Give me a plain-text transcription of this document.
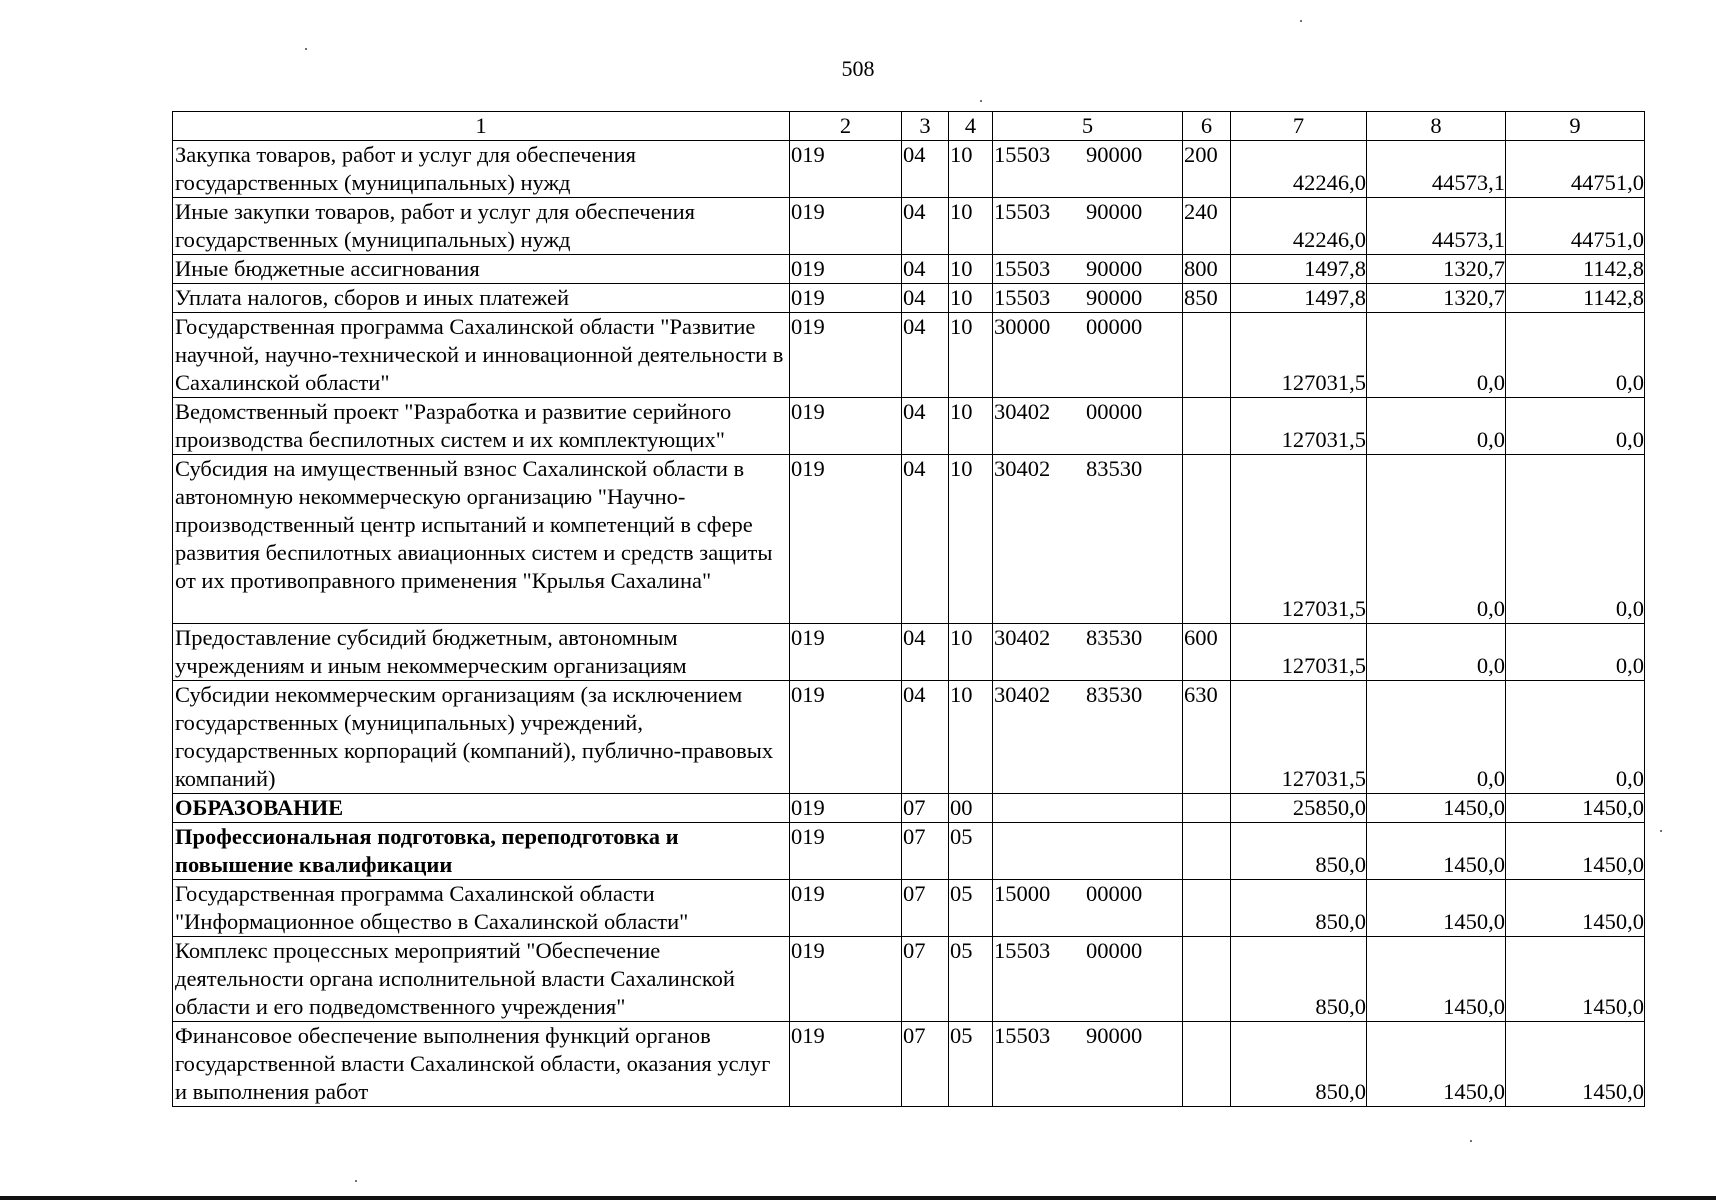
508
1	2	3	4	5	6	7	8	9
Закупка товаров, работ и услуг для обеспечения государственных (муниципальных) нужд	019	04	10	15503 90000	200	42246,0	44573,1	44751,0
Иные закупки товаров, работ и услуг для обеспечения государственных (муниципальных) нужд	019	04	10	15503 90000	240	42246,0	44573,1	44751,0
Иные бюджетные ассигнования	019	04	10	15503 90000	800	1497,8	1320,7	1142,8
Уплата налогов, сборов и иных платежей	019	04	10	15503 90000	850	1497,8	1320,7	1142,8
Государственная программа Сахалинской области "Развитие научной, научно-технической и инновационной деятельности в Сахалинской области"	019	04	10	30000 00000		127031,5	0,0	0,0
Ведомственный проект "Разработка и развитие серийного производства беспилотных систем и их комплектующих"	019	04	10	30402 00000		127031,5	0,0	0,0
Субсидия на имущественный взнос Сахалинской области в автономную некоммерческую организацию "Научно-производственный центр испытаний и компетенций в сфере развития беспилотных авиационных систем и средств защиты от их противоправного применения "Крылья Сахалина"	019	04	10	30402 83530		127031,5	0,0	0,0
Предоставление субсидий бюджетным, автономным учреждениям и иным некоммерческим организациям	019	04	10	30402 83530	600	127031,5	0,0	0,0
Субсидии некоммерческим организациям (за исключением государственных (муниципальных) учреждений, государственных корпораций (компаний), публично-правовых компаний)	019	04	10	30402 83530	630	127031,5	0,0	0,0
ОБРАЗОВАНИЕ	019	07	00			25850,0	1450,0	1450,0
Профессиональная подготовка, переподготовка и повышение квалификации	019	07	05			850,0	1450,0	1450,0
Государственная программа Сахалинской области "Информационное общество в Сахалинской области"	019	07	05	15000 00000		850,0	1450,0	1450,0
Комплекс процессных мероприятий "Обеспечение деятельности органа исполнительной власти Сахалинской области и его подведомственного учреждения"	019	07	05	15503 00000		850,0	1450,0	1450,0
Финансовое обеспечение выполнения функций органов государственной власти Сахалинской области, оказания услуг и выполнения работ	019	07	05	15503 90000		850,0	1450,0	1450,0
